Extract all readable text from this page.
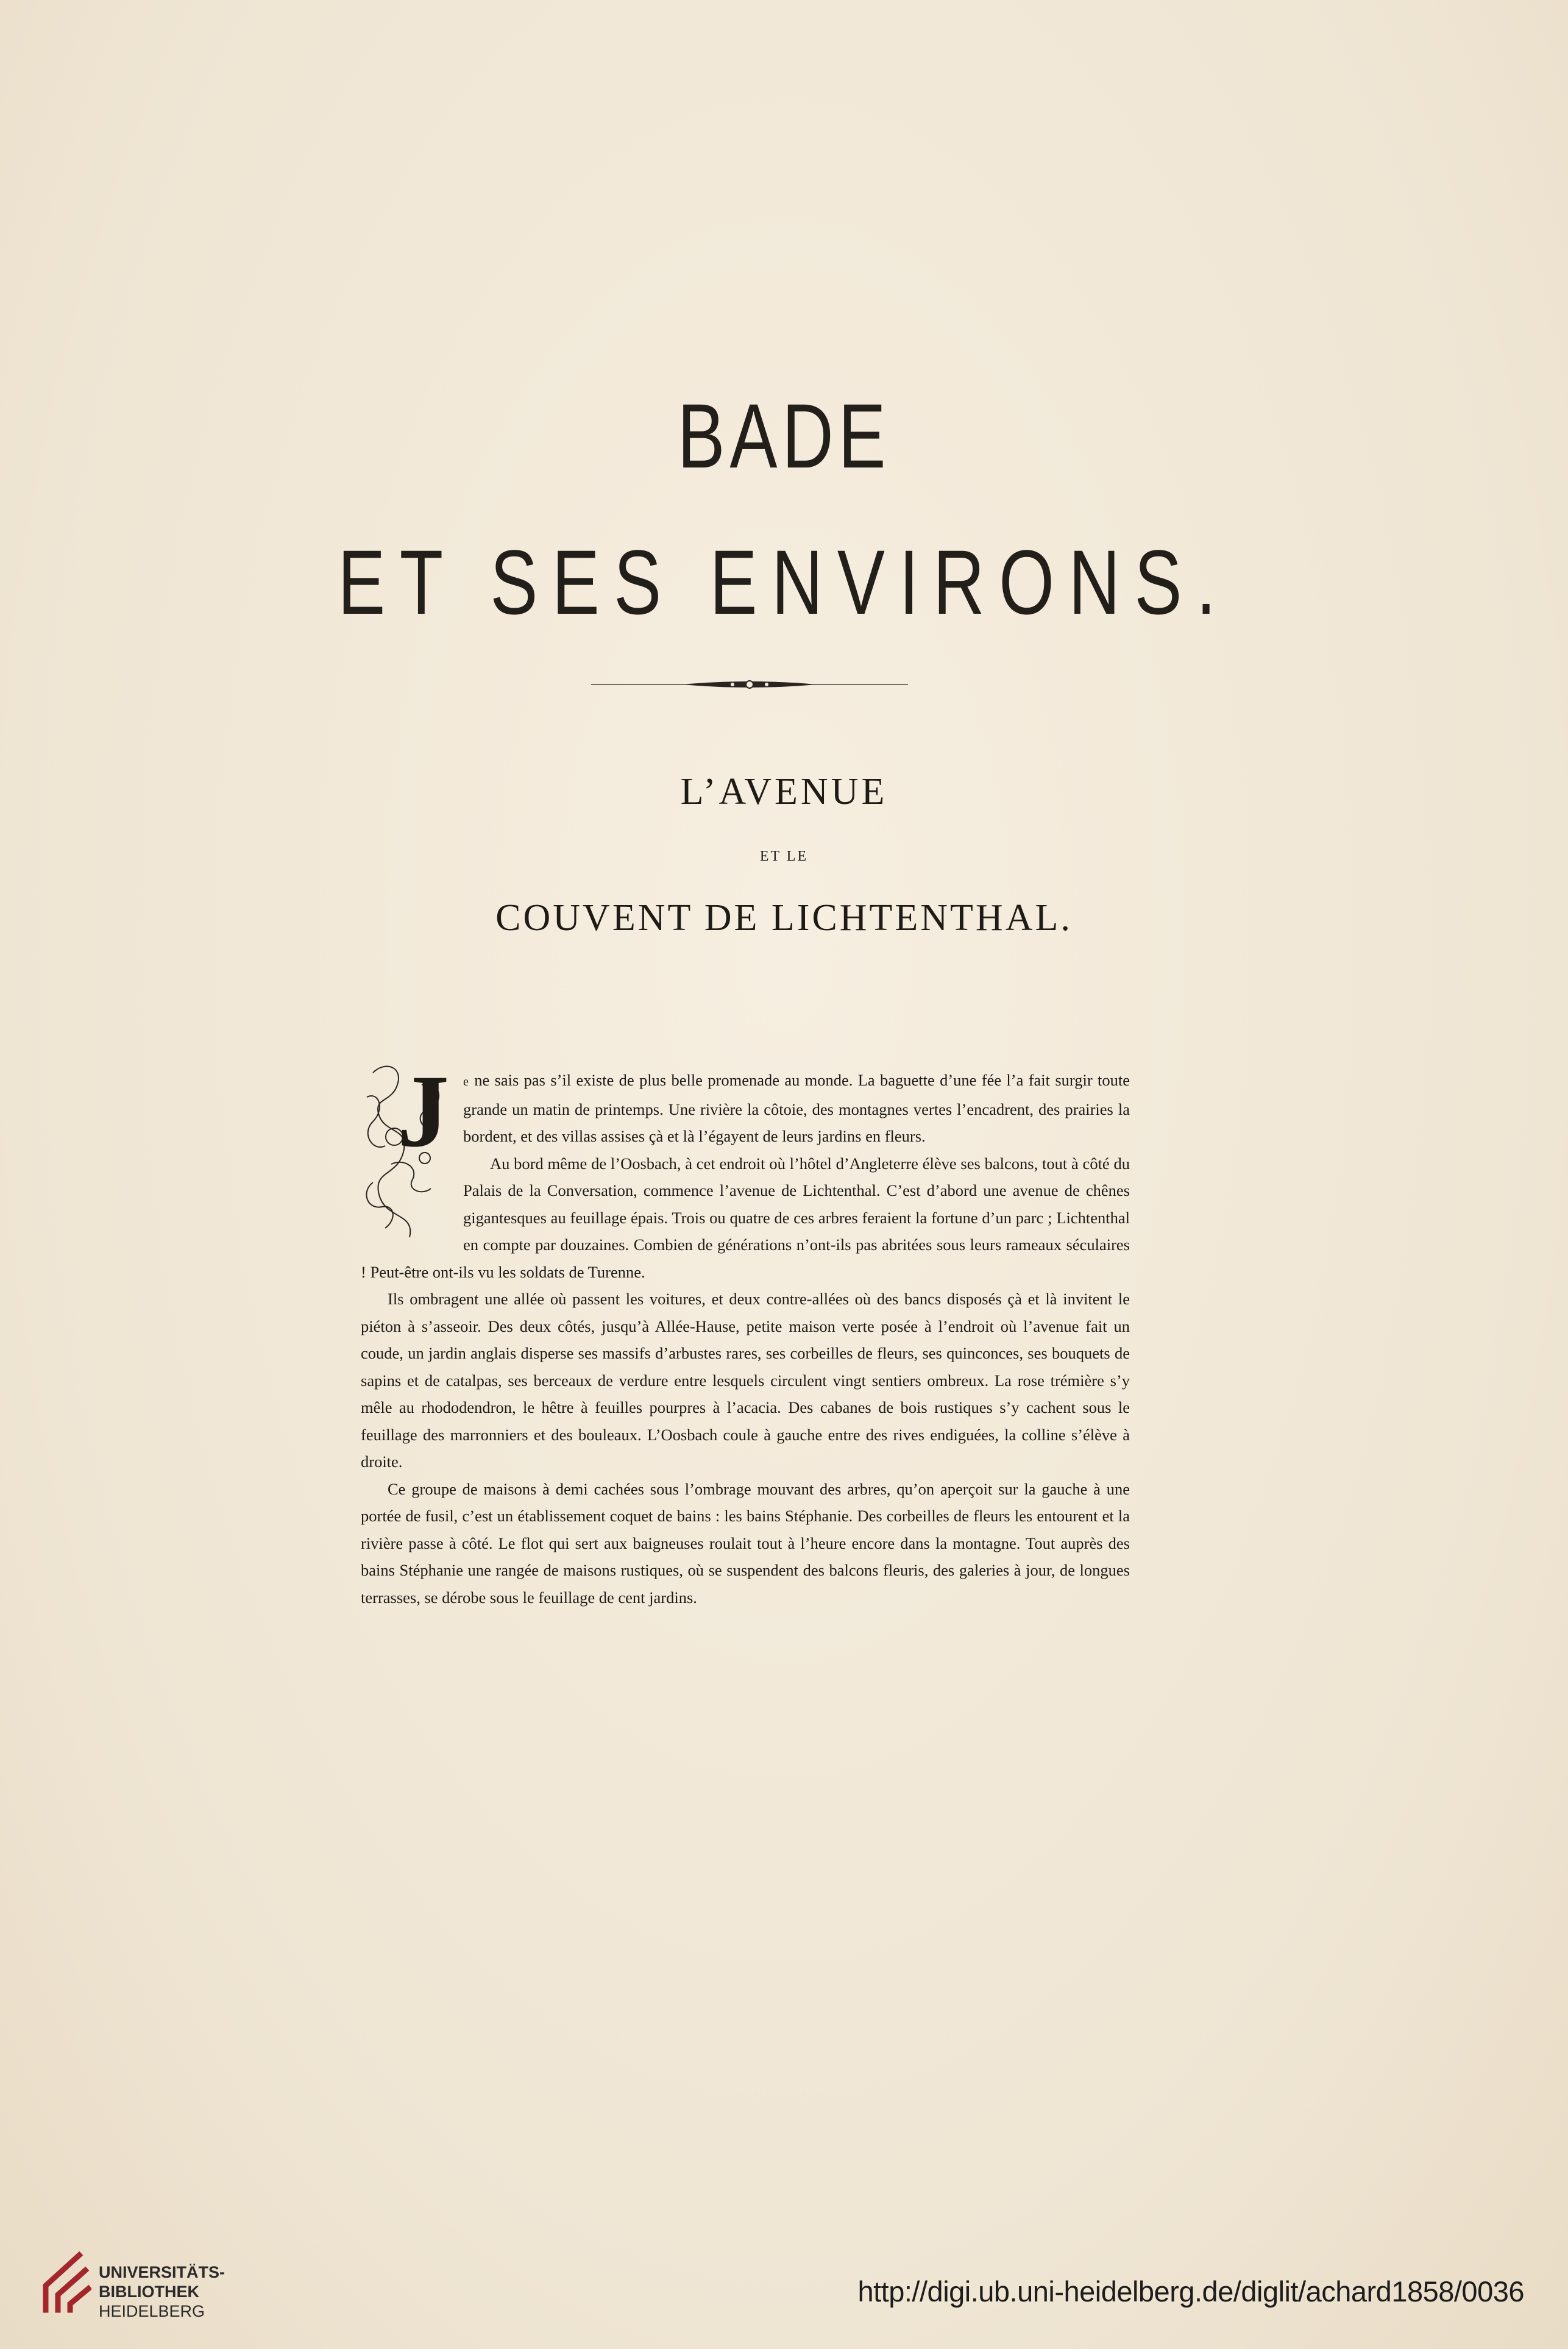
BADE
ET SES ENVIRONS.
L’AVENUE
ET LE
COUVENT DE LICHTENTHAL.

J e ne sais pas s’il existe de plus belle promenade au monde. La baguette d’une fée l’a fait surgir toute grande un matin de printemps. Une rivière la côtoie, des montagnes vertes l’encadrent, des prairies la bordent, et des villas assises çà et là l’égayent de leurs jardins en fleurs.

Au bord même de l’Oosbach, à cet endroit où l’hôtel d’Angleterre élève ses balcons, tout à côté du Palais de la Conversation, commence l’avenue de Lichtenthal. C’est d’abord une avenue de chênes gigantesques au feuillage épais. Trois ou quatre de ces arbres feraient la fortune d’un parc ; Lichtenthal en compte par douzaines. Combien de générations n’ont-ils pas abritées sous leurs rameaux séculaires ! Peut-être ont-ils vu les soldats de Turenne.

Ils ombragent une allée où passent les voitures, et deux contre-allées où des bancs disposés çà et là invitent le piéton à s’asseoir. Des deux côtés, jusqu’à Allée-Hause, petite maison verte posée à l’endroit où l’avenue fait un coude, un jardin anglais disperse ses massifs d’arbustes rares, ses corbeilles de fleurs, ses quinconces, ses bouquets de sapins et de catalpas, ses berceaux de verdure entre lesquels circulent vingt sentiers ombreux. La rose trémière s’y mêle au rhododendron, le hêtre à feuilles pourpres à l’acacia. Des cabanes de bois rustiques s’y cachent sous le feuillage des marronniers et des bouleaux. L’Oosbach coule à gauche entre des rives endiguées, la colline s’élève à droite.

Ce groupe de maisons à demi cachées sous l’ombrage mouvant des arbres, qu’on aperçoit sur la gauche à une portée de fusil, c’est un établissement coquet de bains : les bains Stéphanie. Des corbeilles de fleurs les entourent et la rivière passe à côté. Le flot qui sert aux baigneuses roulait tout à l’heure encore dans la montagne. Tout auprès des bains Stéphanie une rangée de maisons rustiques, où se suspendent des balcons fleuris, des galeries à jour, de longues terrasses, se dérobe sous le feuillage de cent jardins.

UNIVERSITÄTS-
BIBLIOTHEK
HEIDELBERG
http://digi.ub.uni-heidelberg.de/diglit/achard1858/0036
